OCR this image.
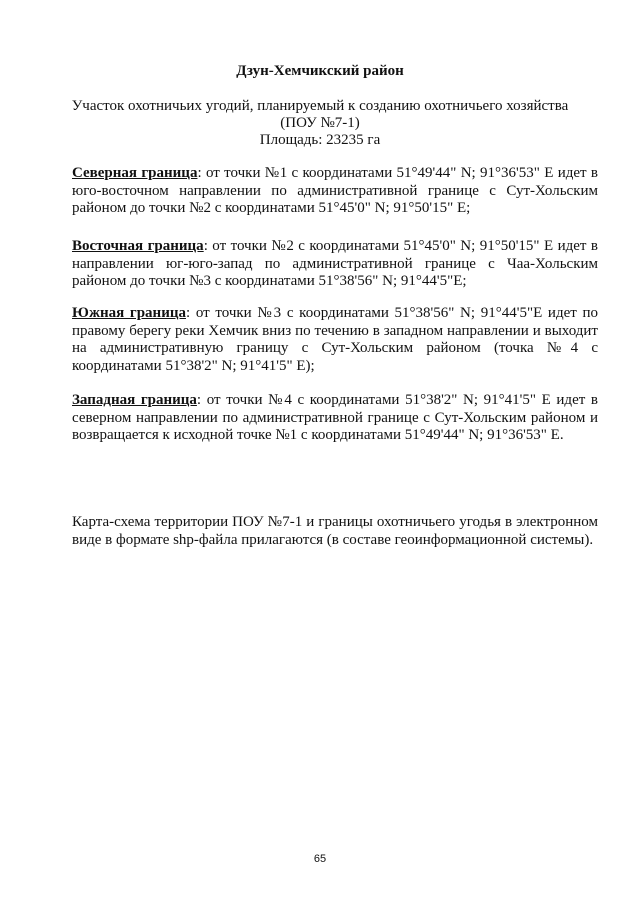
Дзун-Хемчикский район
Участок охотничьих угодий, планируемый к созданию охотничьего хозяйства
(ПОУ №7-1)
Площадь: 23235 га
Северная граница: от точки №1 с координатами 51°49'44" N; 91°36'53" E идет в юго-восточном направлении по административной границе с Сут-Хольским районом до точки №2 с координатами 51°45'0" N; 91°50'15" E;
Восточная граница: от точки №2 с координатами 51°45'0" N; 91°50'15" E идет в направлении юг-юго-запад по административной границе с Чаа-Хольским районом до точки №3 с координатами 51°38'56" N; 91°44'5"E;
Южная граница: от точки №3 с координатами 51°38'56" N; 91°44'5"E идет по правому берегу реки Хемчик вниз по течению в западном направлении и выходит на административную границу с Сут-Хольским районом (точка №4 с координатами 51°38'2" N; 91°41'5" E);
Западная граница: от точки №4 с координатами 51°38'2" N; 91°41'5" E идет в северном направлении по административной границе с Сут-Хольским районом и возвращается к исходной точке №1 с координатами 51°49'44" N; 91°36'53" E.
Карта-схема территории ПОУ №7-1 и границы охотничьего угодья в электронном виде в формате shp-файла прилагаются (в составе геоинформационной системы).
65
